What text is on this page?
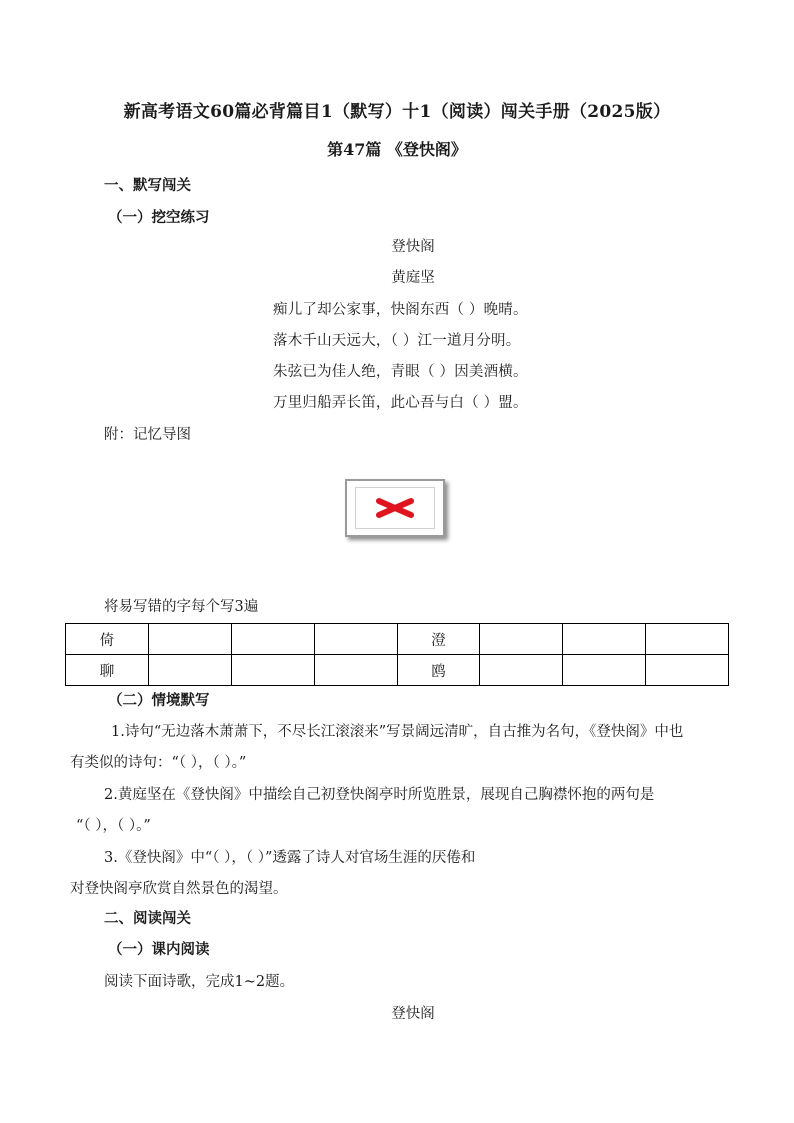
新高考语文60篇必背篇目1（默写）十1（阅读）闯关手册（2025版）
第47篇 《登快阁》
一、默写闯关
（一）挖空练习
登快阁
黄庭坚
痴儿了却公家事，快阁东西（ ）晚晴。
落木千山天远大，（ ）江一道月分明。
朱弦已为佳人绝，青眼（ ）因美酒横。
万里归船弄长笛，此心吾与白（ ）盟。
附：记忆导图
将易写错的字每个写3遍
倚				澄			
聊				鸥			
（二）情境默写
1.诗句“无边落木萧萧下，不尽长江滚滚来”写景阔远清旷，自古推为名句，《登快阁》中也
有类似的诗句：“（ ），（ ）。”
2.黄庭坚在《登快阁》中描绘自己初登快阁亭时所览胜景，展现自己胸襟怀抱的两句是
“（ ），（ ）。”
3.《登快阁》中“（ ），（ ）”透露了诗人对官场生涯的厌倦和
对登快阁亭欣赏自然景色的渴望。
二、阅读闯关
（一）课内阅读
阅读下面诗歌，完成1~2题。
登快阁
